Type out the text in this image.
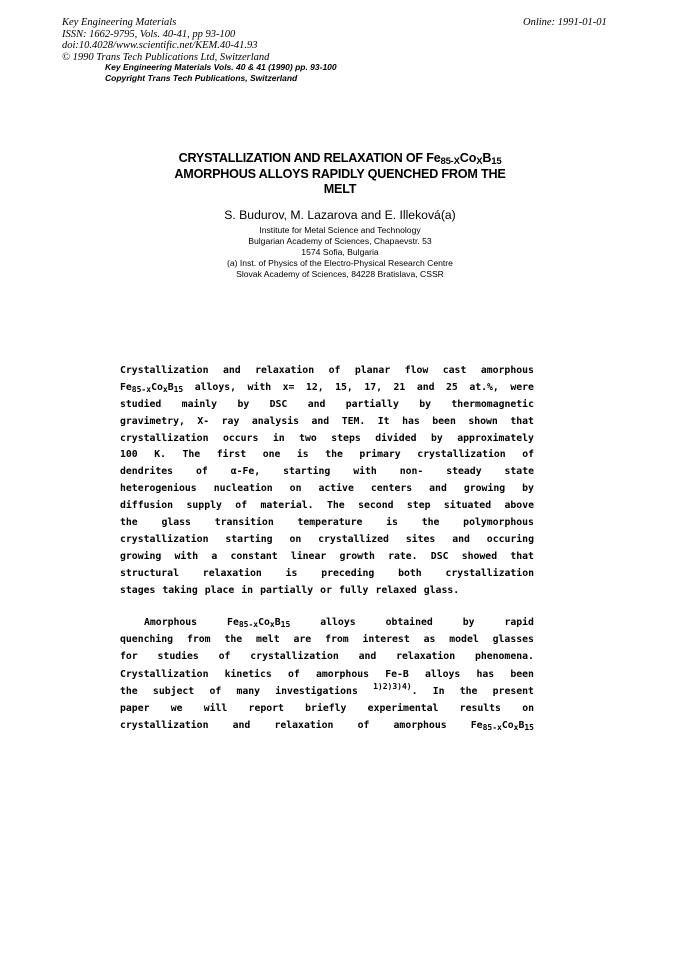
Key Engineering Materials
ISSN: 1662-9795, Vols. 40-41, pp 93-100
doi:10.4028/www.scientific.net/KEM.40-41.93
© 1990 Trans Tech Publications Ltd, Switzerland
Online: 1991-01-01
Key Engineering Materials Vols. 40 & 41 (1990) pp. 93-100
Copyright Trans Tech Publications, Switzerland
CRYSTALLIZATION AND RELAXATION OF $Fe_{85-X}Co_XB_{15}$
AMORPHOUS ALLOYS RAPIDLY QUENCHED FROM THE
MELT
S. Budurov, M. Lazarova and E. Illeková(a)
Institute for Metal Science and Technology
Bulgarian Academy of Sciences, Chapaevstr. 53
1574 Sofia, Bulgaria
(a) Inst. of Physics of the Electro-Physical Research Centre
Slovak Academy of Sciences, 84228 Bratislava, CSSR
Crystallization and relaxation of planar flow cast amorphous
$Fe_{85-x}Co_xB_{15}$ alloys, with x= 12, 15, 17, 21 and 25 at.%, were
studied mainly by DSC and partially by thermomagnetic
gravimetry, X- ray analysis and TEM. It has been shown that
crystallization occurs in two steps divided by approximately
100 K. The first one is the primary crystallization of
dendrites of α-Fe, starting with non- steady state
heterogenious nucleation on active centers and growing by
diffusion supply of material. The second step situated above
the glass transition temperature is the polymorphous
crystallization starting on crystallized sites and occuring
growing with a constant linear growth rate. DSC showed that
structural relaxation is preceding both crystallization
stages taking place in partially or fully relaxed glass.
Amorphous	$Fe_{85-x}Co_xB_{15}$	alloys	obtained	by	rapid
quenching from the melt are from interest as model glasses
for studies of crystallization and relaxation phenomena.
Crystallization kinetics of amorphous Fe-B alloys has been
the subject of many investigations $^{1)2)3)4)}$. In the present
paper we will report briefly experimental results on
crystallization and relaxation of amorphous $Fe_{85-x}Co_xB_{15}$
